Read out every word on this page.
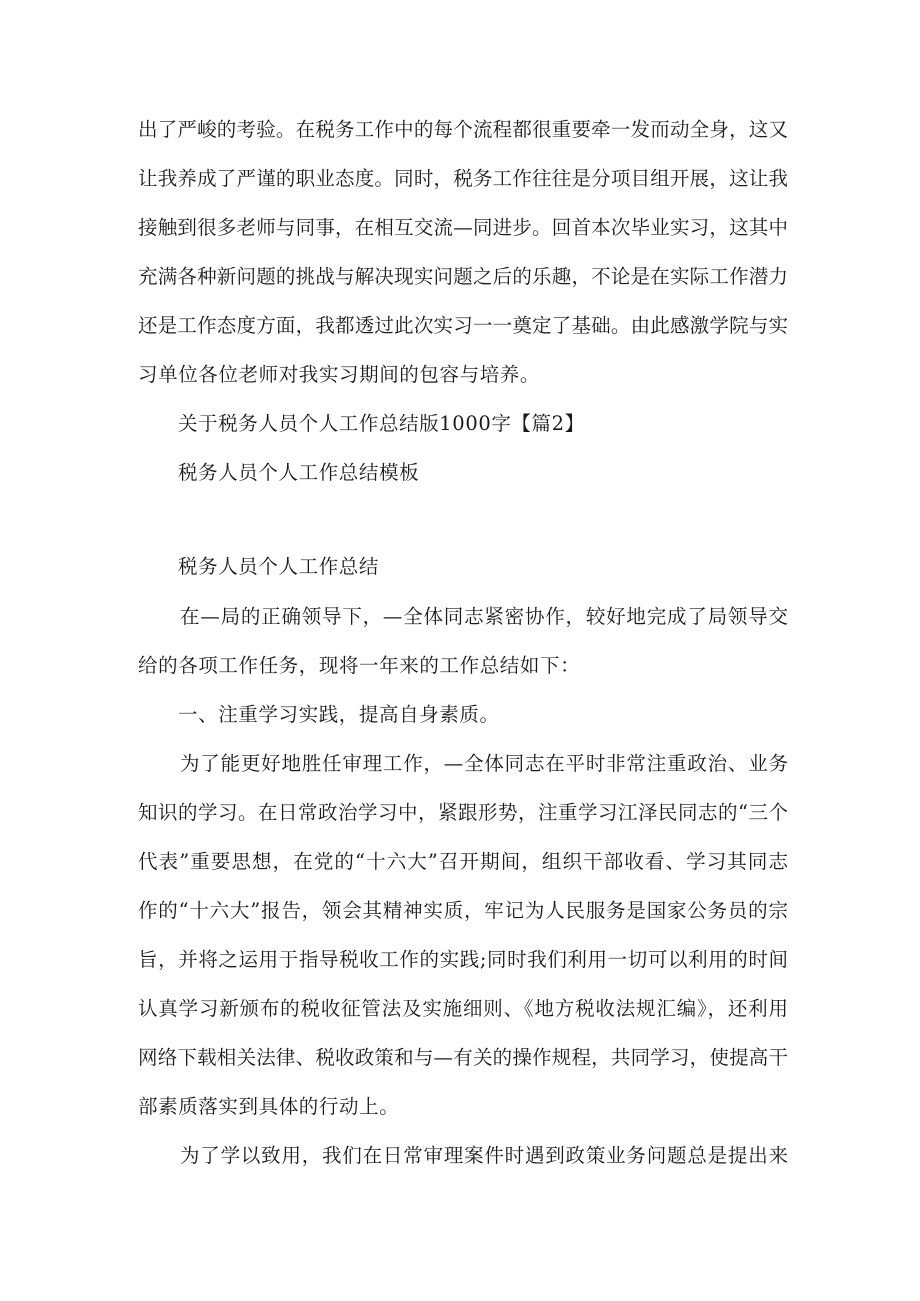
出了严峻的考验。在税务工作中的每个流程都很重要牵一发而动全身，这又

让我养成了严谨的职业态度。同时，税务工作往往是分项目组开展，这让我

接触到很多老师与同事，在相互交流—同进步。回首本次毕业实习，这其中

充满各种新问题的挑战与解决现实问题之后的乐趣，不论是在实际工作潜力

还是工作态度方面，我都透过此次实习一一奠定了基础。由此感激学院与实

习单位各位老师对我实习期间的包容与培养。

关于税务人员个人工作总结版1000字【篇2】

税务人员个人工作总结模板

税务人员个人工作总结

在—局的正确领导下，—全体同志紧密协作，较好地完成了局领导交

给的各项工作任务，现将一年来的工作总结如下：

一、注重学习实践，提高自身素质。

为了能更好地胜任审理工作，—全体同志在平时非常注重政治、业务

知识的学习。在日常政治学习中，紧跟形势，注重学习江泽民同志的“三个

代表”重要思想，在党的“十六大”召开期间，组织干部收看、学习其同志

作的“十六大”报告，领会其精神实质，牢记为人民服务是国家公务员的宗

旨，并将之运用于指导税收工作的实践;同时我们利用一切可以利用的时间

认真学习新颁布的税收征管法及实施细则、《地方税收法规汇编》，还利用

网络下载相关法律、税收政策和与—有关的操作规程，共同学习，使提高干

部素质落实到具体的行动上。

为了学以致用，我们在日常审理案件时遇到政策业务问题总是提出来
